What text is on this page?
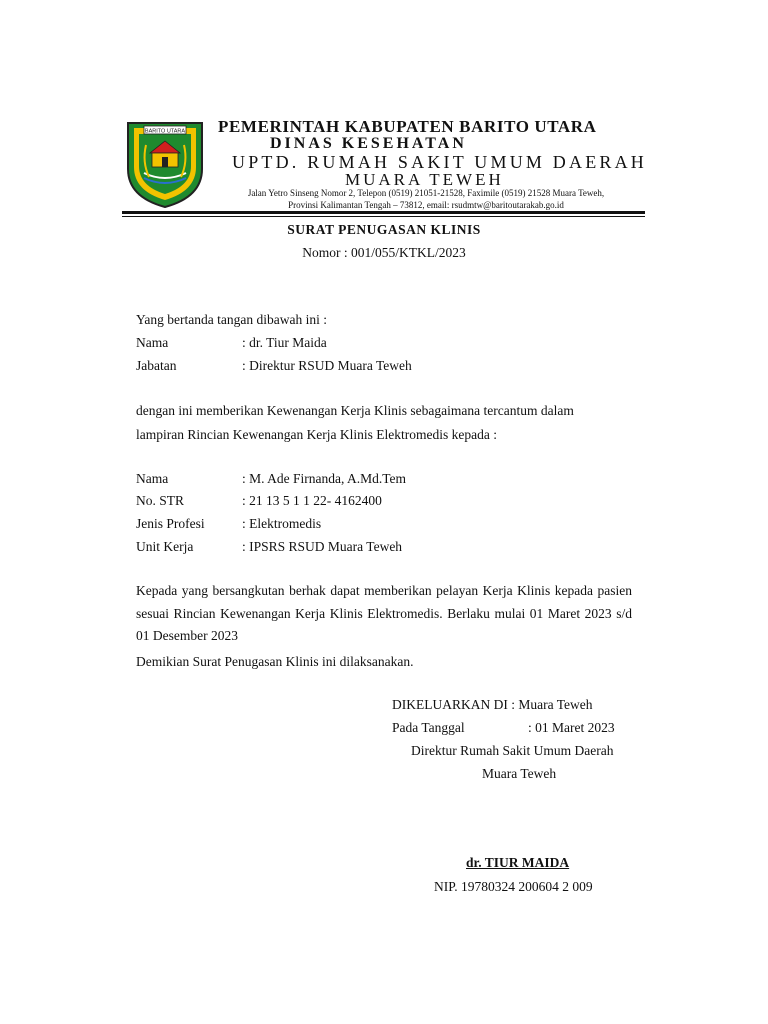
BARITO UTARA PEMERINTAH KABUPATEN BARITO UTARA
DINAS KESEHATAN
UPTD. RUMAH SAKIT UMUM DAERAH
MUARA TEWEH
Jalan Yetro Sinseng Nomor 2, Telepon (0519) 21051-21528, Faximile (0519) 21528 Muara Teweh,
Provinsi Kalimantan Tengah – 73812, email: rsudmtw@baritoutarakab.go.id
SURAT PENUGASAN KLINIS
Nomor : 001/055/KTKL/2023
Yang bertanda tangan dibawah ini :
Nama	: dr. Tiur Maida
Jabatan	: Direktur RSUD Muara Teweh
dengan ini memberikan Kewenangan Kerja Klinis sebagaimana tercantum dalam
lampiran Rincian Kewenangan Kerja Klinis Elektromedis kepada :
Nama	: M. Ade Firnanda, A.Md.Tem
No. STR	: 21 13 5 1 1 22- 4162400
Jenis Profesi	: Elektromedis
Unit Kerja	: IPSRS RSUD Muara Teweh
Kepada yang bersangkutan berhak dapat memberikan pelayan Kerja Klinis kepada pasien sesuai Rincian Kewenangan Kerja Klinis Elektromedis. Berlaku mulai 01 Maret 2023 s/d 01 Desember 2023
Demikian Surat Penugasan Klinis ini dilaksanakan.
DIKELUARKAN DI : Muara Teweh
Pada Tanggal	: 01 Maret 2023
Direktur Rumah Sakit Umum Daerah
Muara Teweh
dr. TIUR MAIDA
NIP. 19780324 200604 2 009
